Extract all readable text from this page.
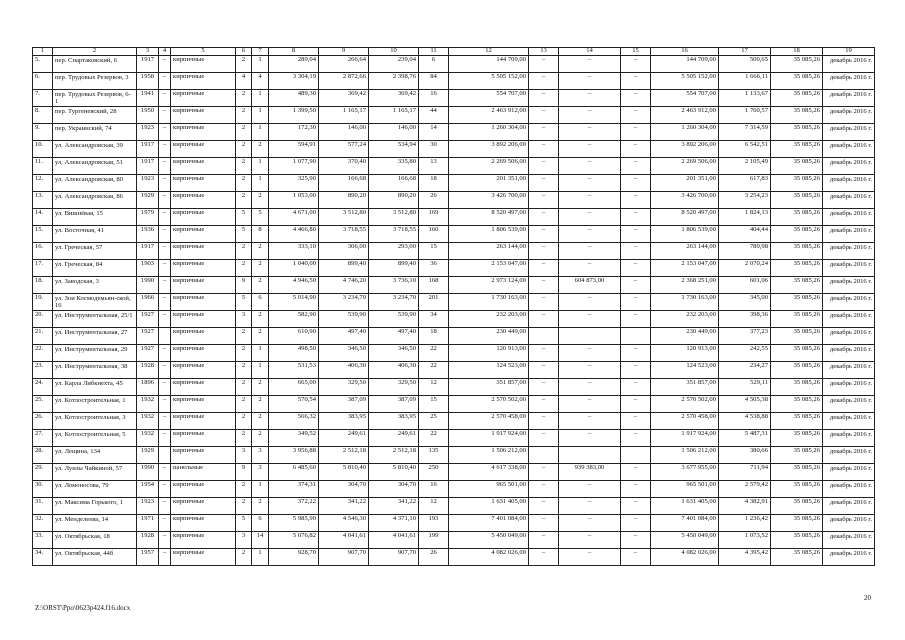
1	2	3	4	5	6	7	8	9	10	11	12	13	14	15	16	17	18	19
5.	пер. Спартаковский, 6	1917	–	кирпичные	2	1	289,04	266,64	239,04	6	144 709,00	–	–	–	144 709,00	500,65	35 085,26	декабрь 2016 г.
6.	пер. Трудовых Резервов, 3	1958	–	кирпичные	4	4	3 304,19	2 872,66	2 398,76	84	5 505 152,00	–	–	–	5 505 152,00	1 666,11	35 085,26	декабрь 2016 г.
7.	пер. Трудовых Резервов, 6- 1	1941	–	кирпичные	2	1	489,30	369,42	369,42	16	554 707,00	–	–	–	554 707,00	1 133,67	35 085,26	декабрь 2016 г.
8.	пер. Тургеневский, 28	1950	–	кирпичные	2	1	1 399,50	1 165,17	1 165,17	44	2 463 912,00	–	–	–	2 463 912,00	1 760,57	35 085,26	декабрь 2016 г.
9.	пер. Украинский, 74	1923	–	кирпичные	2	1	172,30	146,00	146,00	14	1 260 304,00	–	–	–	1 260 304,00	7 314,59	35 085,26	декабрь 2016 г.
10.	ул. Александровская, 39	1917	–	кирпичные	2	2	594,91	577,24	534,94	30	3 892 206,00	–	–	–	3 892 206,00	6 542,51	35 085,26	декабрь 2016 г.
11.	ул. Александровская, 51	1917	–	кирпичные	2	1	1 077,90	370,40	335,80	13	2 269 506,00	–	–	–	2 269 506,00	2 105,49	35 085,26	декабрь 2016 г.
12.	ул. Александровская, 80	1923	–	кирпичные	2	1	325,90	166,68	166,68	18	201 351,00	–	–	–	201 351,00	617,83	35 085,26	декабрь 2016 г.
13.	ул. Александровская, 86	1929	–	кирпичные	2	2	1 053,00	890,20	890,20	26	3 426 700,00	–	–	–	3 426 700,00	3 254,23	35 085,26	декабрь 2016 г.
14.	ул. Вишнёвая, 15	1979	–	кирпичные	5	5	4 671,00	3 512,80	3 512,80	169	8 520 497,00	–	–	–	8 520 497,00	1 824,13	35 085,26	декабрь 2016 г.
15.	ул. Восточная, 41	1936	–	кирпичные	5	8	4 466,80	3 718,55	3 718,55	160	1 806 539,00	–	–	–	1 806 539,00	404,44	35 085,26	декабрь 2016 г.
16.	ул. Греческая, 57	1917	–	кирпичные	2	2	333,10	306,00	293,00	15	263 144,00	–	–	–	263 144,00	789,98	35 085,26	декабрь 2016 г.
17.	ул. Греческая, 84	1903	–	кирпичные	2	2	1 040,00	899,40	899,40	36	2 153 047,00	–	–	–	2 153 047,00	2 070,24	35 085,26	декабрь 2016 г.
18.	ул. Заводская, 3	1990	–	кирпичные	9	2	4 946,50	4 746,20	3 736,10	168	2 973 124,00	–	604 873,00	–	2 368 251,00	601,06	35 085,26	декабрь 2016 г.
19.	ул. Зои Космодемьян-ской, 16	1966	–	кирпичные	5	6	5 014,90	3 234,70	3 234,70	201	1 730 163,00	–	–	–	1 730 163,00	345,00	35 085,26	декабрь 2016 г.
20.	ул. Инструментальная, 25/1	1927	–	кирпичные	3	2	582,90	539,90	539,90	34	232 203,00	–	–	–	232 203,00	398,36	35 085,26	декабрь 2016 г.
21.	ул. Инструментальная, 27	1927		кирпичные	2	2	610,90	497,40	497,40	18	230 449,00				230 449,00	377,23	35 085,26	декабрь 2016 г.
22.	ул. Инструментальная, 29	1927	–	кирпичные	2	1	498,50	346,50	346,50	22	120 913,00	–	–	–	120 913,00	242,55	35 085,26	декабрь 2016 г.
23.	ул. Инструментальная, 38	1928	–	кирпичные	2	1	531,53	406,30	406,30	22	124 523,00	–	–	–	124 523,00	234,27	35 085,26	декабрь 2016 г.
24.	ул. Карла Либкнехта, 45	1896	–	кирпичные	2	2	665,00	329,50	329,50	12	351 857,00	–	–	–	351 857,00	529,11	35 085,26	декабрь 2016 г.
25.	ул. Котлостроительная, 1	1932	–	кирпичные	2	2	570,54	387,09	387,09	15	2 570 502,00	–	–	–	2 570 502,00	4 505,38	35 085,26	декабрь 2016 г.
26.	ул. Котлостроительная, 3	1932	–	кирпичные	2	2	566,32	383,95	383,95	25	2 570 458,00	–	–	–	2 570 458,00	4 538,88	35 085,26	декабрь 2016 г.
27.	ул. Котлостроительная, 5	1932	–	кирпичные	2	2	349,52	249,61	249,61	22	1 917 924,00	–	–	–	1 917 924,00	5 487,31	35 085,26	декабрь 2016 г.
28.	ул. Лещина, 134	1929		кирпичные	3	3	3 956,88	2 512,18	2 512,18	135	1 506 212,00				1 506 212,00	380,66	35 085,26	декабрь 2016 г.
29.	ул. Луизы Чайкиной, 57	1990	–	панельные	9	3	6 485,60	5 810,40	5 810,40	250	4 617 338,00	–	939 383,00	–	3 677 955,00	711,94	35 085,26	декабрь 2016 г.
30.	ул. Ломоносова, 79	1954	–	кирпичные	2	1	374,31	304,70	304,70	16	965 501,00	–	–	–	965 501,00	2 579,42	35 085,26	декабрь 2016 г.
31.	ул. Максима Горького, 1	1923	–	кирпичные	2	2	372,22	341,22	341,22	12	1 631 405,00	–	–	–	1 631 405,00	4 382,91	35 085,26	декабрь 2016 г.
32.	ул. Менделеева, 14	1971	–	кирпичные	5	6	5 985,90	4 546,30	4 371,10	193	7 401 084,00	–	–	–	7 401 084,00	1 236,42	35 085,26	декабрь 2016 г.
33.	ул. Октябрьская, 18	1928	–	кирпичные	3	14	5 076,82	4 041,61	4 041,61	199	5 450 049,00	–	–	–	5 450 049,00	1 073,52	35 085,26	декабрь 2016 г.
34.	ул. Октябрьская, 44б	1957	–	кирпичные	2	1	928,70	907,70	907,70	26	4 082 026,00	–	–	–	4 082 026,00	4 395,42	35 085,26	декабрь 2016 г.
20
Z:\ORST\Ppo\0623p424.f16.docx
